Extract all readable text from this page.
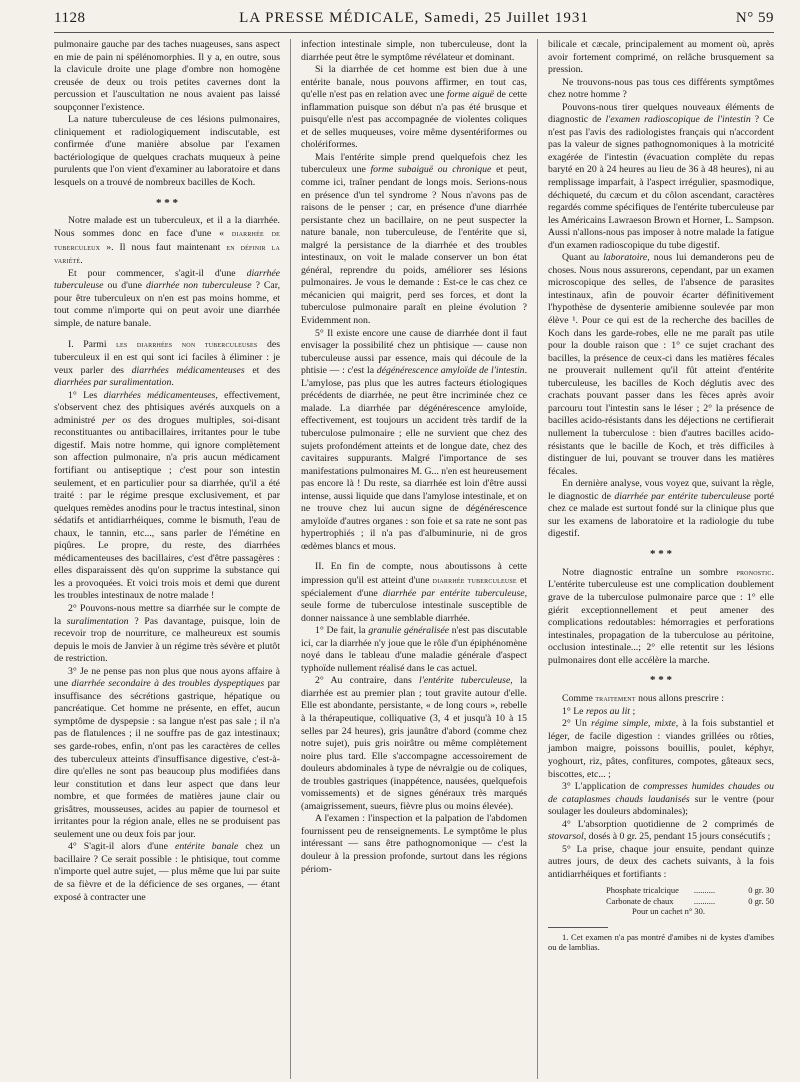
1128	LA PRESSE MÉDICALE, Samedi, 25 Juillet 1931	N° 59

pulmonaire gauche par des taches nuageuses, sans aspect en mie de pain ni spélénomorphies. Il y a, en outre, sous la clavicule droite une plage d'ombre non homogène creusée de deux ou trois petites cavernes dont la percussion et l'auscultation ne nous avaient pas laissé soupçonner l'existence.

La nature tuberculeuse de ces lésions pulmonaires, cliniquement et radiologiquement indiscutable, est confirmée d'une manière absolue par l'examen bactériologique de quelques crachats muqueux à peine purulents que l'on vient d'examiner au laboratoire et dans lesquels on a trouvé de nombreux bacilles de Koch.

* * *

Notre malade est un tuberculeux, et il a la diarrhée. Nous sommes donc en face d'une « diarrhée de tuberculeux ». Il nous faut maintenant en définir la variété.

Et pour commencer, s'agit-il d'une diarrhée tuberculeuse ou d'une diarrhée non tuberculeuse ? Car, pour être tuberculeux on n'en est pas moins homme, et tout comme n'importe qui on peut avoir une diarrhée simple, de nature banale.

I. Parmi les diarrhées non tuberculeuses des tuberculeux il en est qui sont ici faciles à éliminer : je veux parler des diarrhées médicamenteuses et des diarrhées par suralimentation.

1° Les diarrhées médicamenteuses, effectivement, s'observent chez des phtisiques avérés auxquels on a administré per os des drogues multiples, soi-disant reconstituantes ou antibacillaires, irritantes pour le tube digestif. Mais notre homme, qui ignore complètement son affection pulmonaire, n'a pris aucun médicament fortifiant ou antiseptique ; c'est pour son intestin seulement, et en particulier pour sa diarrhée, qu'il a été traité : par le régime presque exclusivement, et par quelques remèdes anodins pour le tractus intestinal, sinon sédatifs et antidiarrhéiques, comme le bismuth, l'eau de chaux, le tannin, etc..., sans parler de l'émétine en piqûres. Le propre, du reste, des diarrhées médicamenteuses des bacillaires, c'est d'être passagères : elles disparaissent dès qu'on supprime la substance qui les a provoquées. Et voici trois mois et demi que durent les troubles intestinaux de notre malade !

2° Pouvons-nous mettre sa diarrhée sur le compte de la suralimentation ? Pas davantage, puisque, loin de recevoir trop de nourriture, ce malheureux est soumis depuis le mois de Janvier à un régime très sévère et plutôt de restriction.

3° Je ne pense pas non plus que nous ayons affaire à une diarrhée secondaire à des troubles dyspeptiques par insuffisance des sécrétions gastrique, hépatique ou pancréatique. Cet homme ne présente, en effet, aucun symptôme de dyspepsie : sa langue n'est pas sale ; il n'a pas de flatulences ; il ne souffre pas de gaz intestinaux; ses garde-robes, enfin, n'ont pas les caractères de celles des tuberculeux atteints d'insuffisance digestive, c'est-à-dire qu'elles ne sont pas beaucoup plus modifiées dans leur constitution et dans leur aspect que dans leur nombre, et que formées de matières jaune clair ou grisâtres, mousseuses, acides au papier de tournesol et irritantes pour la région anale, elles ne se produisent pas seulement une ou deux fois par jour.

4° S'agit-il alors d'une entérite banale chez un bacillaire ? Ce serait possible : le phtisique, tout comme n'importe quel autre sujet, — plus même que lui par suite de sa fièvre et de la déficience de ses organes, — étant exposé à contracter une

infection intestinale simple, non tuberculeuse, dont la diarrhée peut être le symptôme révélateur et dominant.

Si la diarrhée de cet homme est bien due à une entérite banale, nous pouvons affirmer, en tout cas, qu'elle n'est pas en relation avec une forme aiguë de cette inflammation puisque son début n'a pas été brusque et puisqu'elle n'est pas accompagnée de violentes coliques et de selles muqueuses, voire même dysentériformes ou cholériformes.

Mais l'entérite simple prend quelquefois chez les tuberculeux une forme subaiguë ou chronique et peut, comme ici, traîner pendant de longs mois. Serions-nous en présence d'un tel syndrome ? Nous n'avons pas de raisons de le penser ; car, en présence d'une diarrhée persistante chez un bacillaire, on ne peut suspecter la nature banale, non tuberculeuse, de l'entérite que si, malgré la persistance de la diarrhée et des troubles intestinaux, on voit le malade conserver un bon état général, reprendre du poids, améliorer ses lésions pulmonaires. Je vous le demande : Est-ce le cas chez ce mécanicien qui maigrit, perd ses forces, et dont la tuberculose pulmonaire paraît en pleine évolution ? Evidemment non.

5° Il existe encore une cause de diarrhée dont il faut envisager la possibilité chez un phtisique — cause non tuberculeuse aussi par essence, mais qui découle de la phtisie — : c'est la dégénérescence amyloïde de l'intestin. L'amylose, pas plus que les autres facteurs étiologiques précédents de diarrhée, ne peut être incriminée chez ce malade. La diarrhée par dégénérescence amyloïde, effectivement, est toujours un accident très tardif de la tuberculose pulmonaire ; elle ne survient que chez des sujets profondément atteints et de longue date, chez des cavitaires suppurants. Malgré l'importance de ses manifestations pulmonaires M. G... n'en est heureusement pas encore là ! Du reste, sa diarrhée est loin d'être aussi intense, aussi liquide que dans l'amylose intestinale, et on ne trouve chez lui aucun signe de dégénérescence amyloïde d'autres organes : son foie et sa rate ne sont pas hypertrophiés ; il n'a pas d'albuminurie, ni de gros œdèmes blancs et mous.

II. En fin de compte, nous aboutissons à cette impression qu'il est atteint d'une diarrhée tuberculeuse et spécialement d'une diarrhée par entérite tuberculeuse, seule forme de tuberculose intestinale susceptible de donner naissance à une semblable diarrhée.

1° De fait, la granulie généralisée n'est pas discutable ici, car la diarrhée n'y joue que le rôle d'un épiphénomène noyé dans le tableau d'une maladie générale d'aspect typhoïde nullement réalisé dans le cas actuel.

2° Au contraire, dans l'entérite tuberculeuse, la diarrhée est au premier plan ; tout gravite autour d'elle. Elle est abondante, persistante, « de long cours », rebelle à la thérapeutique, colliquative (3, 4 et jusqu'à 10 à 15 selles par 24 heures), gris jaunâtre d'abord (comme chez notre sujet), puis gris noirâtre ou même complètement noire plus tard. Elle s'accompagne accessoirement de douleurs abdominales à type de névralgie ou de coliques, de troubles gastriques (inappétence, nausées, quelquefois vomissements) et de signes généraux très marqués (amaigrissement, sueurs, fièvre plus ou moins élevée).

A l'examen : l'inspection et la palpation de l'abdomen fournissent peu de renseignements. Le symptôme le plus intéressant — sans être pathognomonique — c'est la douleur à la pression profonde, surtout dans les régions périom-

bilicale et cæcale, principalement au moment où, après avoir fortement comprimé, on relâche brusquement sa pression.

Ne trouvons-nous pas tous ces différents symptômes chez notre homme ?

Pouvons-nous tirer quelques nouveaux éléments de diagnostic de l'examen radioscopique de l'intestin ? Ce n'est pas l'avis des radiologistes français qui n'accordent pas la valeur de signes pathognomoniques à la motricité exagérée de l'intestin (évacuation complète du repas baryté en 20 à 24 heures au lieu de 36 à 48 heures), ni au remplissage imparfait, à l'aspect irrégulier, spasmodique, déchiqueté, du cæcum et du côlon ascendant, caractères regardés comme spécifiques de l'entérite tuberculeuse par les Américains Lawraeson Brown et Horner, L. Sampson. Aussi n'allons-nous pas imposer à notre malade la fatigue d'un examen radioscopique du tube digestif.

Quant au laboratoire, nous lui demanderons peu de choses. Nous nous assurerons, cependant, par un examen microscopique des selles, de l'absence de parasites intestinaux, afin de pouvoir écarter définitivement l'hypothèse de dysenterie amibienne soulevée par mon élève ¹. Pour ce qui est de la recherche des bacilles de Koch dans les garde-robes, elle ne me paraît pas utile pour la double raison que : 1° ce sujet crachant des bacilles, la présence de ceux-ci dans les matières fécales ne prouverait nullement qu'il fût atteint d'entérite tuberculeuse, les bacilles de Koch déglutis avec des crachats pouvant passer dans les fèces après avoir parcouru tout l'intestin sans le léser ; 2° la présence de bacilles acido-résistants dans les déjections ne certifierait nullement la tuberculose : bien d'autres bacilles acido-résistants que le bacille de Koch, et très difficiles à distinguer de lui, pouvant se trouver dans les matières fécales.

En dernière analyse, vous voyez que, suivant la règle, le diagnostic de diarrhée par entérite tuberculeuse porté chez ce malade est surtout fondé sur la clinique plus que sur les examens de laboratoire et la radiologie du tube digestif.

* * *

Notre diagnostic entraîne un sombre pronostic. L'entérite tuberculeuse est une complication doublement grave de la tuberculose pulmonaire parce que : 1° elle giérit exceptionnellement et peut amener des complications redoutables: hémorragies et perforations intestinales, propagation de la tuberculose au péritoine, occlusion intestinale...; 2° elle retentit sur les lésions pulmonaires dont elle accélère la marche.

* * *

Comme traitement nous allons prescrire :

1° Le repos au lit ;

2° Un régime simple, mixte, à la fois substantiel et léger, de facile digestion : viandes grillées ou rôties, jambon maigre, poissons bouillis, poulet, képhyr, yoghourt, riz, pâtes, confitures, compotes, gâteaux secs, biscottes, etc... ;

3° L'application de compresses humides chaudes ou de cataplasmes chauds laudanisés sur le ventre (pour soulager les douleurs abdominales);

4° L'absorption quotidienne de 2 comprimés de stovarsol, dosés à 0 gr. 25, pendant 15 jours consécutifs ;

5° La prise, chaque jour ensuite, pendant quinze autres jours, de deux des cachets suivants, à la fois antidiarrhéiques et fortifiants :

Phosphate tricalcique	..........	0 gr. 30
Carbonate de chaux	..........	0 gr. 50
Pour un cachet n° 30.

1. Cet examen n'a pas montré d'amibes ni de kystes d'amibes ou de lamblias.
